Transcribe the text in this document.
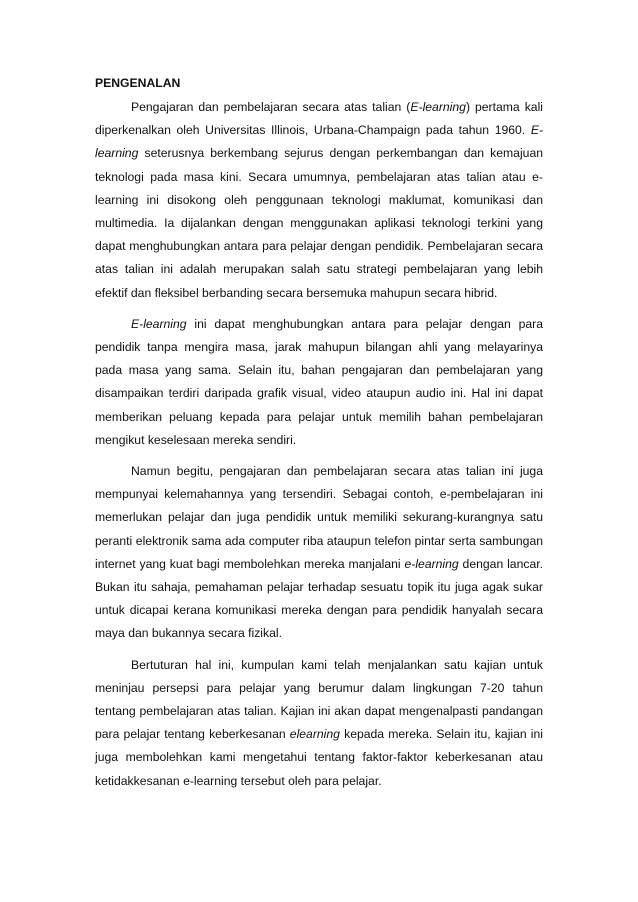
PENGENALAN

Pengajaran dan pembelajaran secara atas talian (E-learning) pertama kali diperkenalkan oleh Universitas Illinois, Urbana-Champaign pada tahun 1960. E-learning seterusnya berkembang sejurus dengan perkembangan dan kemajuan teknologi pada masa kini. Secara umumnya, pembelajaran atas talian atau e-learning ini disokong oleh penggunaan teknologi maklumat, komunikasi dan multimedia. Ia dijalankan dengan menggunakan aplikasi teknologi terkini yang dapat menghubungkan antara para pelajar dengan pendidik. Pembelajaran secara atas talian ini adalah merupakan salah satu strategi pembelajaran yang lebih efektif dan fleksibel berbanding secara bersemuka mahupun secara hibrid.

E-learning ini dapat menghubungkan antara para pelajar dengan para pendidik tanpa mengira masa, jarak mahupun bilangan ahli yang melayarinya pada masa yang sama. Selain itu, bahan pengajaran dan pembelajaran yang disampaikan terdiri daripada grafik visual, video ataupun audio ini. Hal ini dapat memberikan peluang kepada para pelajar untuk memilih bahan pembelajaran mengikut keselesaan mereka sendiri.

Namun begitu, pengajaran dan pembelajaran secara atas talian ini juga mempunyai kelemahannya yang tersendiri. Sebagai contoh, e-pembelajaran ini memerlukan pelajar dan juga pendidik untuk memiliki sekurang-kurangnya satu peranti elektronik sama ada computer riba ataupun telefon pintar serta sambungan internet yang kuat bagi membolehkan mereka manjalani e-learning dengan lancar. Bukan itu sahaja, pemahaman pelajar terhadap sesuatu topik itu juga agak sukar untuk dicapai kerana komunikasi mereka dengan para pendidik hanyalah secara maya dan bukannya secara fizikal.

Bertuturan hal ini, kumpulan kami telah menjalankan satu kajian untuk meninjau persepsi para pelajar yang berumur dalam lingkungan 7-20 tahun tentang pembelajaran atas talian. Kajian ini akan dapat mengenalpasti pandangan para pelajar tentang keberkesanan elearning kepada mereka. Selain itu, kajian ini juga membolehkan kami mengetahui tentang faktor-faktor keberkesanan atau ketidakkesanan e-learning tersebut oleh para pelajar.
